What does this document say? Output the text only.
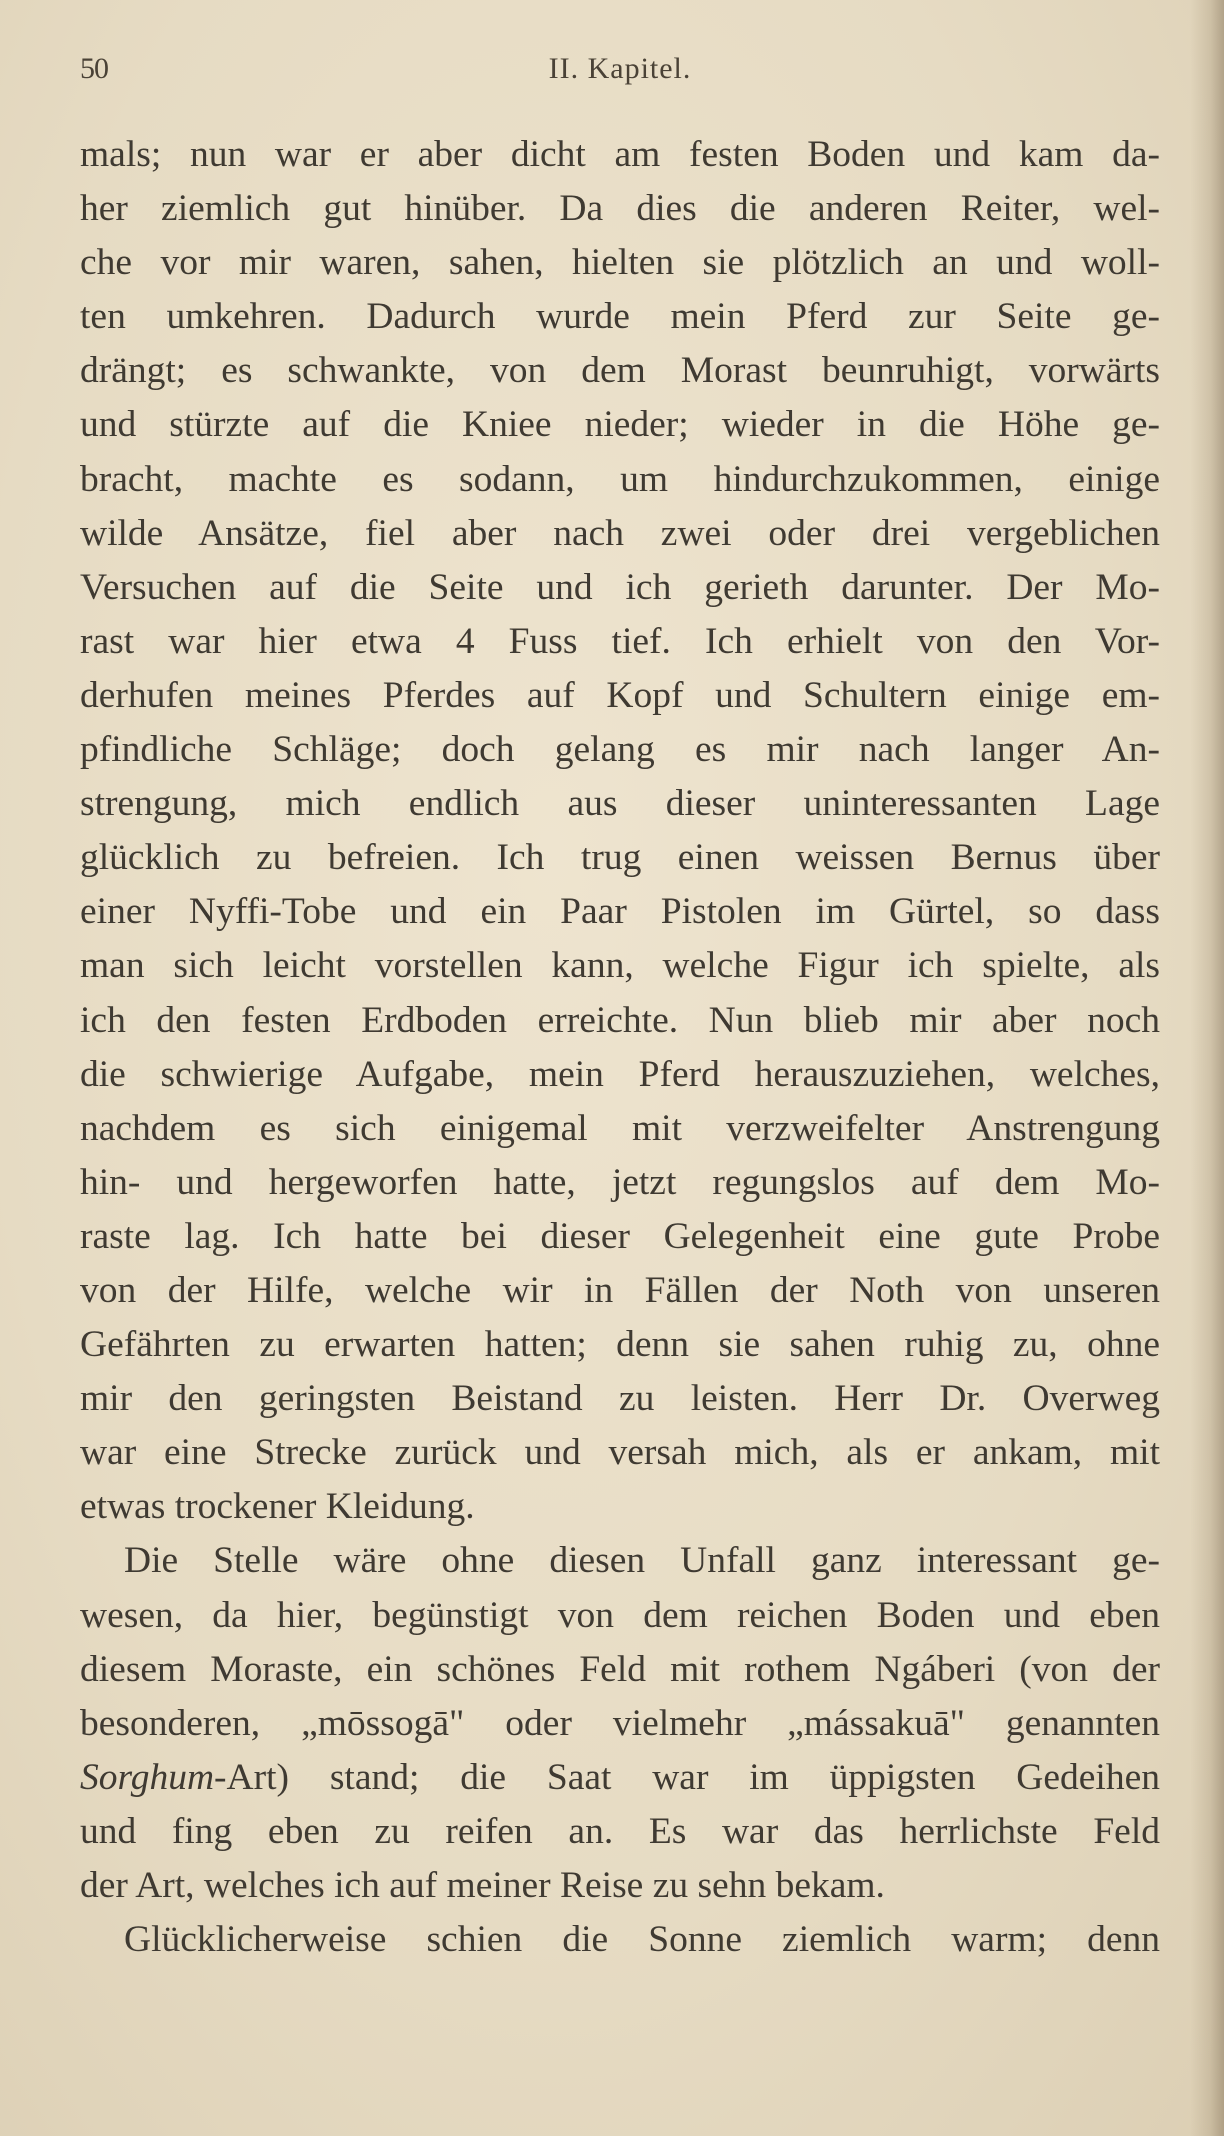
50	II. Kapitel.
mals; nun war er aber dicht am festen Boden und kam da-
her ziemlich gut hinüber. Da dies die anderen Reiter, wel-
che vor mir waren, sahen, hielten sie plötzlich an und woll-
ten umkehren. Dadurch wurde mein Pferd zur Seite ge-
drängt; es schwankte, von dem Morast beunruhigt, vorwärts
und stürzte auf die Kniee nieder; wieder in die Höhe ge-
bracht, machte es sodann, um hindurchzukommen, einige
wilde Ansätze, fiel aber nach zwei oder drei vergeblichen
Versuchen auf die Seite und ich gerieth darunter. Der Mo-
rast war hier etwa 4 Fuss tief. Ich erhielt von den Vor-
derhufen meines Pferdes auf Kopf und Schultern einige em-
pfindliche Schläge; doch gelang es mir nach langer An-
strengung, mich endlich aus dieser uninteressanten Lage
glücklich zu befreien. Ich trug einen weissen Bernus über
einer Nyffi-Tobe und ein Paar Pistolen im Gürtel, so dass
man sich leicht vorstellen kann, welche Figur ich spielte, als
ich den festen Erdboden erreichte. Nun blieb mir aber noch
die schwierige Aufgabe, mein Pferd herauszuziehen, welches,
nachdem es sich einigemal mit verzweifelter Anstrengung
hin- und hergeworfen hatte, jetzt regungslos auf dem Mo-
raste lag. Ich hatte bei dieser Gelegenheit eine gute Probe
von der Hilfe, welche wir in Fällen der Noth von unseren
Gefährten zu erwarten hatten; denn sie sahen ruhig zu, ohne
mir den geringsten Beistand zu leisten. Herr Dr. Overweg
war eine Strecke zurück und versah mich, als er ankam, mit
etwas trockener Kleidung.
Die Stelle wäre ohne diesen Unfall ganz interessant ge-
wesen, da hier, begünstigt von dem reichen Boden und eben
diesem Moraste, ein schönes Feld mit rothem Ngáberi (von der
besonderen, „mōssogā" oder vielmehr „mássakuā" genannten
Sorghum-Art) stand; die Saat war im üppigsten Gedeihen
und fing eben zu reifen an. Es war das herrlichste Feld
der Art, welches ich auf meiner Reise zu sehn bekam.
Glücklicherweise schien die Sonne ziemlich warm; denn
